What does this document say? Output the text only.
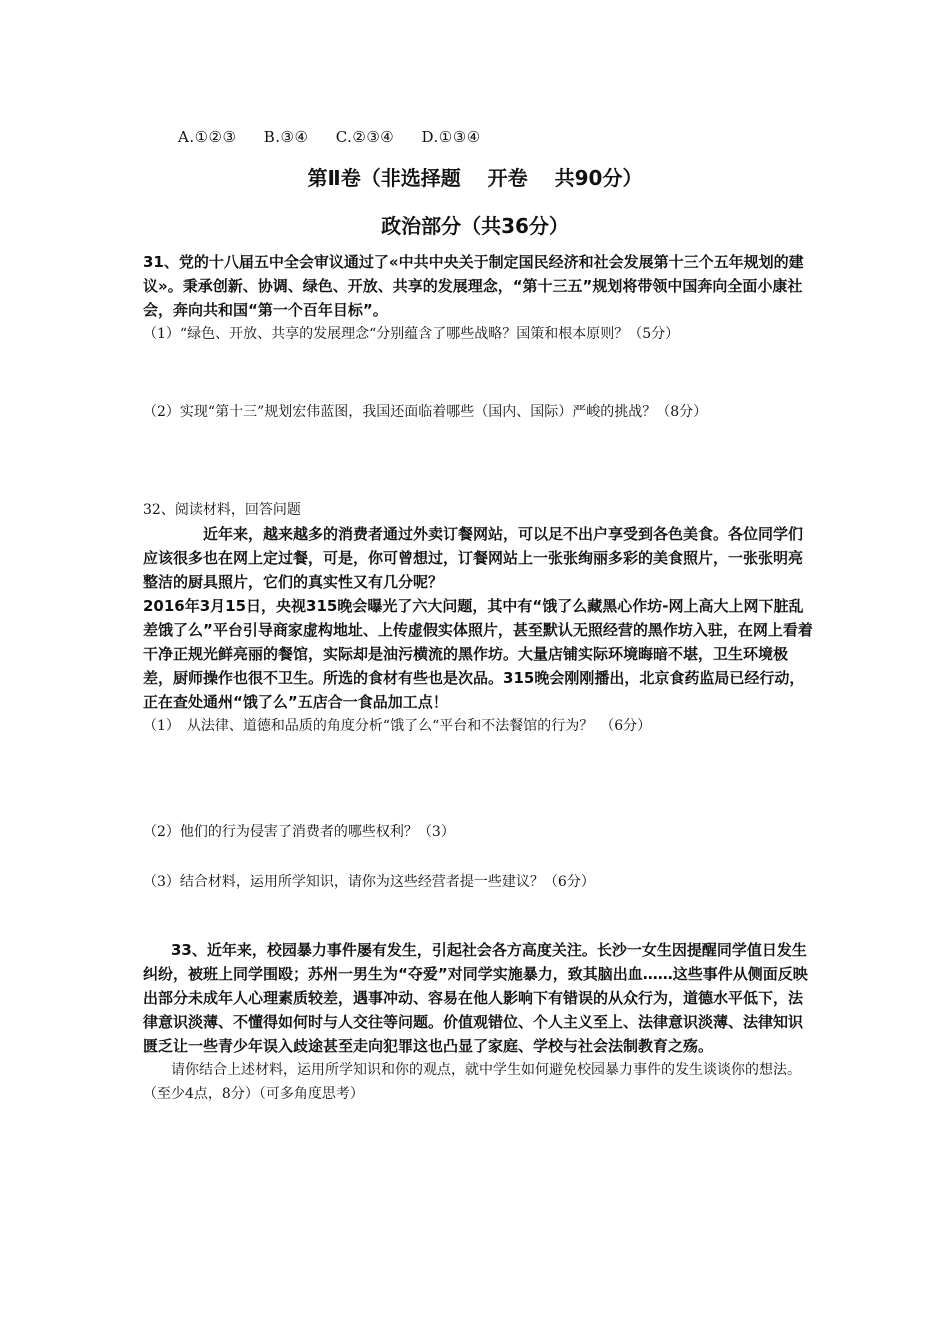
A.①②③ B.③④ C.②③④ D.①③④
第Ⅱ卷（非选择题　 开卷　 共90分）
政治部分（共36分）

31、党的十八届五中全会审议通过了«中共中央关于制定国民经济和社会发展第十三个五年规划的建议»。秉承创新、协调、绿色、开放、共享的发展理念，“第十三五”规划将带领中国奔向全面小康社会，奔向共和国“第一个百年目标”。

（1）“绿色、开放、共享的发展理念“分别蕴含了哪些战略？国策和根本原则？（5分）

（2）实现“第十三”规划宏伟蓝图，我国还面临着哪些（国内、国际）严峻的挑战？（8分）

32、阅读材料，回答问题

近年来，越来越多的消费者通过外卖订餐网站，可以足不出户享受到各色美食。各位同学们应该很多也在网上定过餐，可是，你可曾想过，订餐网站上一张张绚丽多彩的美食照片，一张张明亮整洁的厨具照片，它们的真实性又有几分呢？

2016年3月15日，央视315晚会曝光了六大问题，其中有“饿了么藏黑心作坊-网上高大上网下脏乱差饿了么”平台引导商家虚构地址、上传虚假实体照片，甚至默认无照经营的黑作坊入驻，在网上看着干净正规光鲜亮丽的餐馆，实际却是油污横流的黑作坊。大量店铺实际环境晦暗不堪，卫生环境极差，厨师操作也很不卫生。所选的食材有些也是次品。315晚会刚刚播出，北京食药监局已经行动，正在查处通州“饿了么”五店合一食品加工点！

（1）　从法律、道德和品质的角度分析“饿了么“平台和不法餐馆的行为？　（6分）

（2）他们的行为侵害了消费者的哪些权利？（3）

（3）结合材料，运用所学知识，请你为这些经营者提一些建议？（6分）

33、近年来，校园暴力事件屡有发生，引起社会各方高度关注。长沙一女生因提醒同学值日发生纠纷，被班上同学围殴；苏州一男生为“夺爱”对同学实施暴力，致其脑出血……这些事件从侧面反映出部分未成年人心理素质较差，遇事冲动、容易在他人影响下有错误的从众行为，道德水平低下，法律意识淡薄、不懂得如何时与人交往等问题。价值观错位、个人主义至上、法律意识淡薄、法律知识匮乏让一些青少年误入歧途甚至走向犯罪这也凸显了家庭、学校与社会法制教育之殇。

请你结合上述材料，运用所学知识和你的观点，就中学生如何避免校园暴力事件的发生谈谈你的想法。（至少4点，8分）（可多角度思考）
